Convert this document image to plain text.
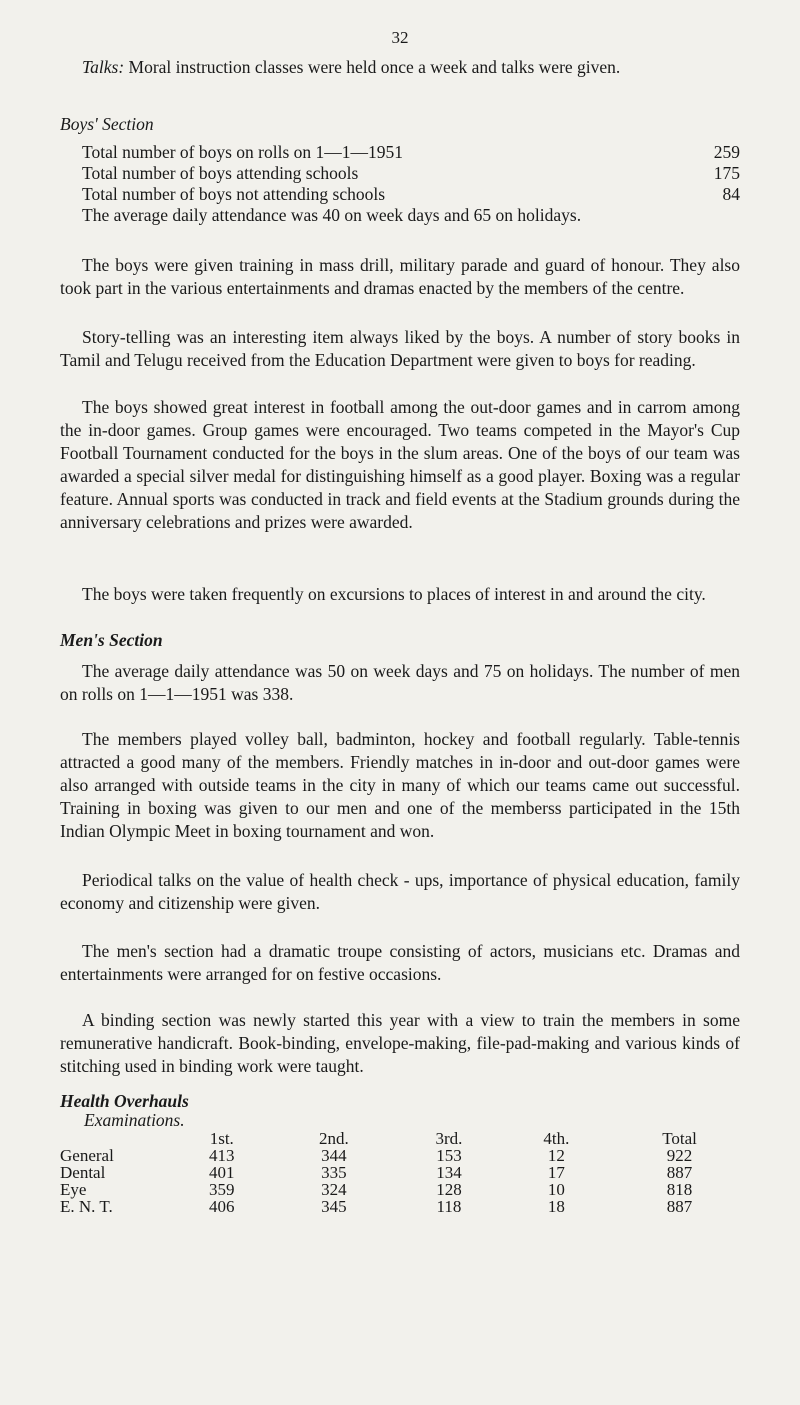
32

Talks: Moral instruction classes were held once a week and talks were given.

Boys' Section
Total number of boys on rolls on 1—1—1951	259
Total number of boys attending schools	175
Total number of boys not attending schools	84
The average daily attendance was 40 on week days and 65 on holidays.

The boys were given training in mass drill, military parade and guard of honour. They also took part in the various entertainments and dramas enacted by the members of the centre.

Story-telling was an interesting item always liked by the boys. A number of story books in Tamil and Telugu received from the Education Department were given to boys for reading.

The boys showed great interest in football among the out-door games and in carrom among the in-door games. Group games were encouraged. Two teams competed in the Mayor's Cup Football Tournament conducted for the boys in the slum areas. One of the boys of our team was awarded a special silver medal for distinguishing himself as a good player. Boxing was a regular feature. Annual sports was conducted in track and field events at the Stadium grounds during the anniversary celebrations and prizes were awarded.

The boys were taken frequently on excursions to places of interest in and around the city.

Men's Section

The average daily attendance was 50 on week days and 75 on holidays. The number of men on rolls on 1—1—1951 was 338.

The members played volley ball, badminton, hockey and football regularly. Table-tennis attracted a good many of the members. Friendly matches in in-door and out-door games were also arranged with outside teams in the city in many of which our teams came out successful. Training in boxing was given to our men and one of the memberss participated in the 15th Indian Olympic Meet in boxing tournament and won.

Periodical talks on the value of health check - ups, importance of physical education, family economy and citizenship were given.

The men's section had a dramatic troupe consisting of actors, musicians etc. Dramas and entertainments were arranged for on festive occasions.

A binding section was newly started this year with a view to train the members in some remunerative handicraft. Book-binding, envelope-making, file-pad-making and various kinds of stitching used in binding work were taught.

Health Overhauls
Examinations.
	1st.	2nd.	3rd.	4th.	Total
General	413	344	153	12	922
Dental	401	335	134	17	887
Eye	359	324	128	10	818
E. N. T.	406	345	118	18	887
